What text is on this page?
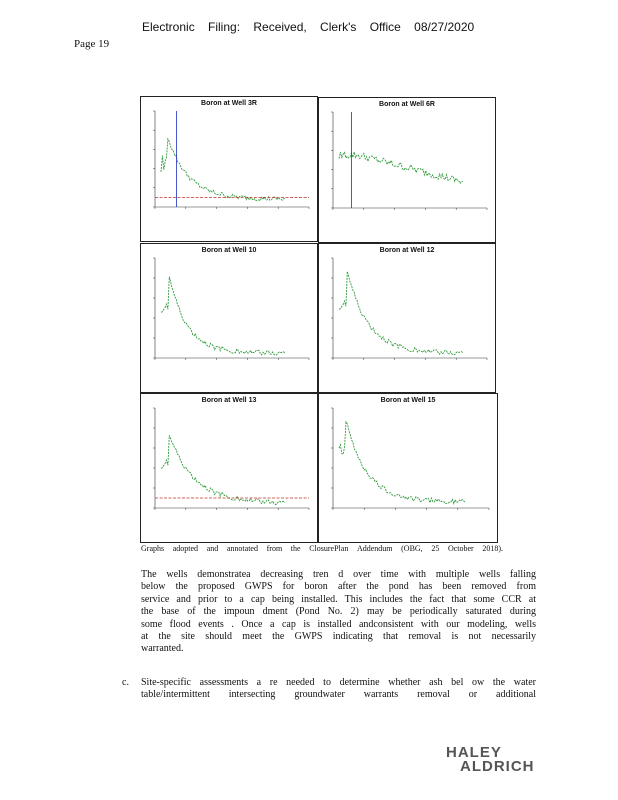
Electronic Filing: Received, Clerk's Office 08/27/2020
Page 19
Boron at Well 3R	Boron at Well 6R
Boron at Well 10	Boron at Well 12
Boron at Well 13	Boron at Well 15
Graphs adopted and annotated from the ClosurePlan Addendum (OBG, 25 October 2018).
The wells demonstratea decreasing tren d over time with multiple wells falling
below the proposed GWPS for boron after the pond has been removed from
service and prior to a cap being installed. This includes the fact that some CCR at
the base of the impoun dment (Pond No. 2) may be periodically saturated during
some flood events . Once a cap is installed andconsistent with our modeling, wells
at the site should meet the GWPS indicating that removal is not necessarily
warranted.
c. Site-specific assessments a re needed to determine whether ash bel ow the water
table/intermittent intersecting groundwater warrants removal or additional
HALEY
ALDRICH
